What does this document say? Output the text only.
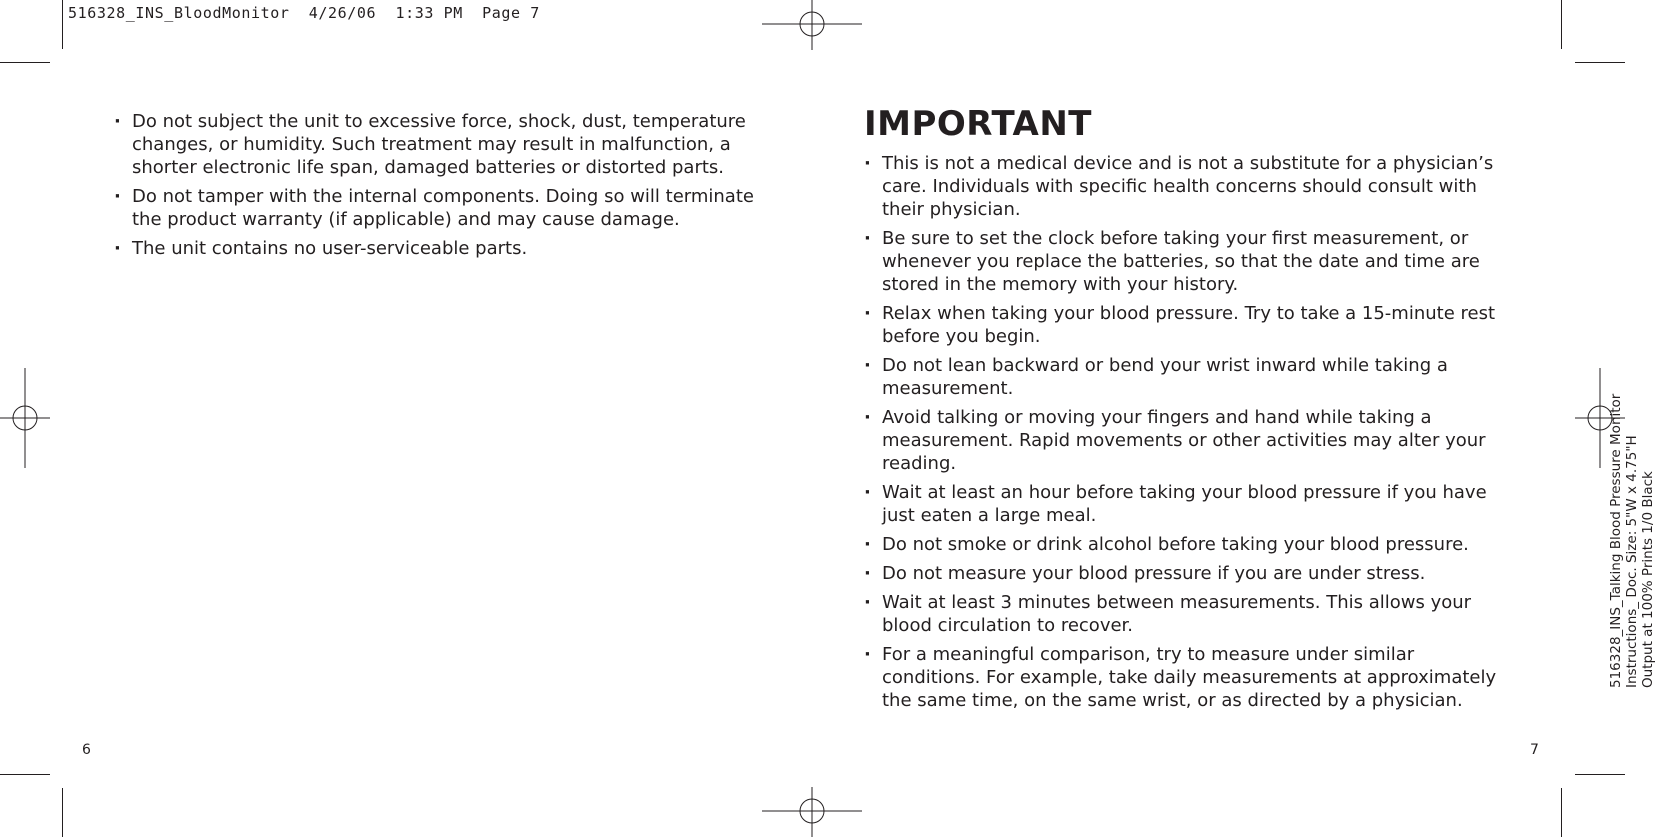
516328_INS_BloodMonitor  4/26/06  1:33 PM  Page 7
· Do not subject the unit to excessive force, shock, dust, temperature changes, or humidity. Such treatment may result in malfunction, a shorter electronic life span, damaged batteries or distorted parts.
· Do not tamper with the internal components. Doing so will terminate the product warranty (if applicable) and may cause damage.
· The unit contains no user-serviceable parts.
6
IMPORTANT
· This is not a medical device and is not a substitute for a physician’s care. Individuals with specific health concerns should consult with their physician.
· Be sure to set the clock before taking your first measurement, or whenever you replace the batteries, so that the date and time are stored in the memory with your history.
· Relax when taking your blood pressure. Try to take a 15-minute rest before you begin.
· Do not lean backward or bend your wrist inward while taking a measurement.
· Avoid talking or moving your fingers and hand while taking a measurement. Rapid movements or other activities may alter your reading.
· Wait at least an hour before taking your blood pressure if you have just eaten a large meal.
· Do not smoke or drink alcohol before taking your blood pressure.
· Do not measure your blood pressure if you are under stress.
· Wait at least 3 minutes between measurements. This allows your blood circulation to recover.
· For a meaningful comparison, try to measure under similar conditions. For example, take daily measurements at approximately the same time, on the same wrist, or as directed by a physician.
7
516328_INS_Talking Blood Pressure Monitor Instructions_ Doc. Size: 5"W x 4.75"H Output at 100% Prints 1/0 Black
